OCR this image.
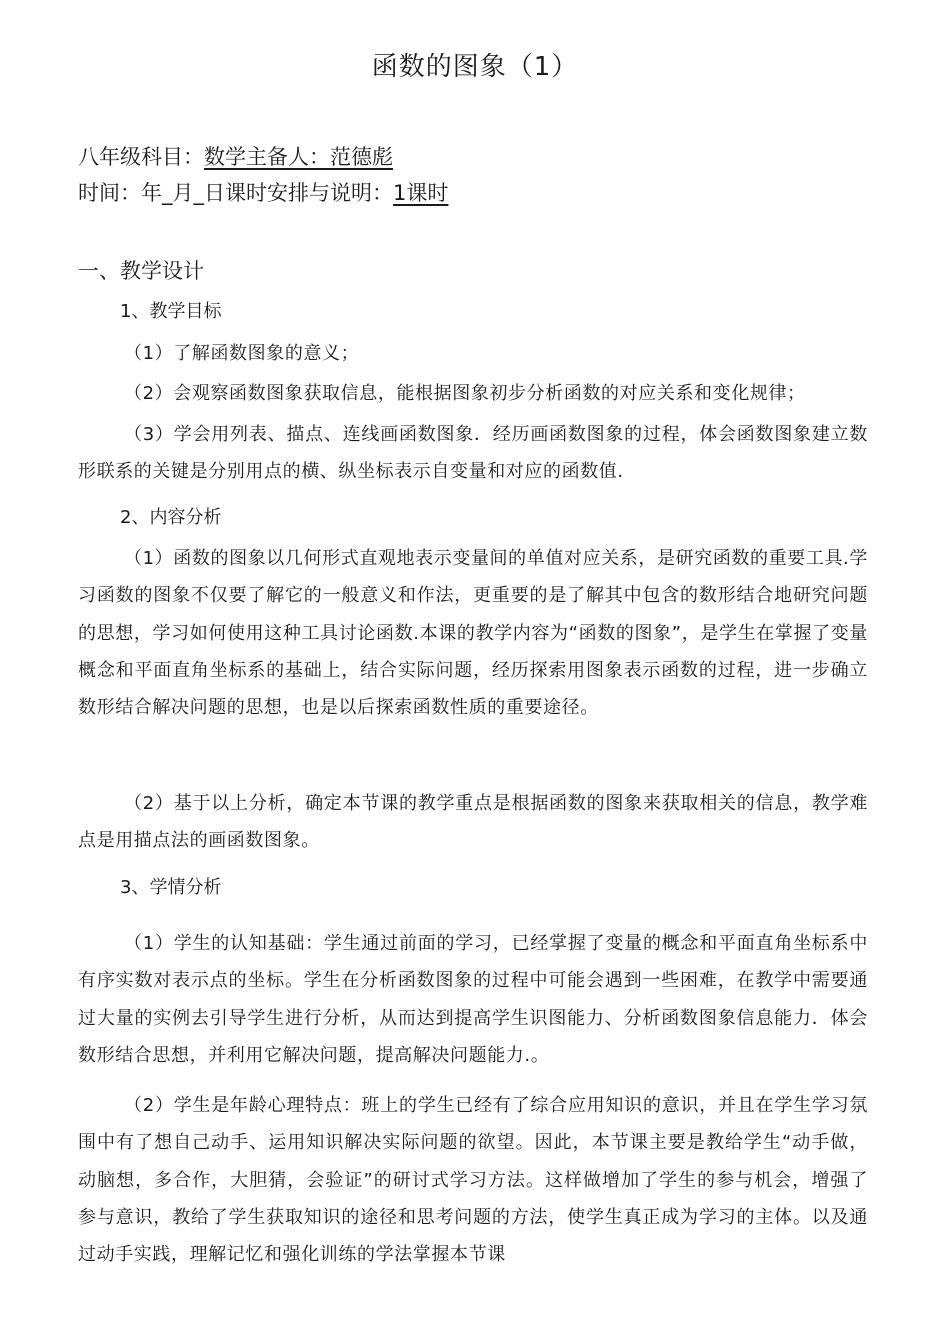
函数的图象（1）
八年级科目：数学主备人：范德彪
时间：年_月_日课时安排与说明：1课时
一、教学设计
1、教学目标
（1）了解函数图象的意义；
（2）会观察函数图象获取信息，能根据图象初步分析函数的对应关系和变化规律；
（3）学会用列表、描点、连线画函数图象．经历画函数图象的过程，体会函数图象建立数形联系的关键是分别用点的横、纵坐标表示自变量和对应的函数值.
2、内容分析
（1）函数的图象以几何形式直观地表示变量间的单值对应关系，是研究函数的重要工具.学习函数的图象不仅要了解它的一般意义和作法，更重要的是了解其中包含的数形结合地研究问题的思想，学习如何使用这种工具讨论函数.本课的教学内容为“函数的图象”，是学生在掌握了变量概念和平面直角坐标系的基础上，结合实际问题，经历探索用图象表示函数的过程，进一步确立数形结合解决问题的思想，也是以后探索函数性质的重要途径。
（2）基于以上分析，确定本节课的教学重点是根据函数的图象来获取相关的信息，教学难点是用描点法的画函数图象。
3、学情分析
（1）学生的认知基础：学生通过前面的学习，已经掌握了变量的概念和平面直角坐标系中有序实数对表示点的坐标。学生在分析函数图象的过程中可能会遇到一些困难，在教学中需要通过大量的实例去引导学生进行分析，从而达到提高学生识图能力、分析函数图象信息能力．体会数形结合思想，并利用它解决问题，提高解决问题能力.。
（2）学生是年龄心理特点：班上的学生已经有了综合应用知识的意识，并且在学生学习氛围中有了想自己动手、运用知识解决实际问题的欲望。因此，本节课主要是教给学生“动手做，动脑想，多合作，大胆猜，会验证”的研讨式学习方法。这样做增加了学生的参与机会，增强了参与意识，教给了学生获取知识的途径和思考问题的方法，使学生真正成为学习的主体。以及通过动手实践，理解记忆和强化训练的学法掌握本节课
